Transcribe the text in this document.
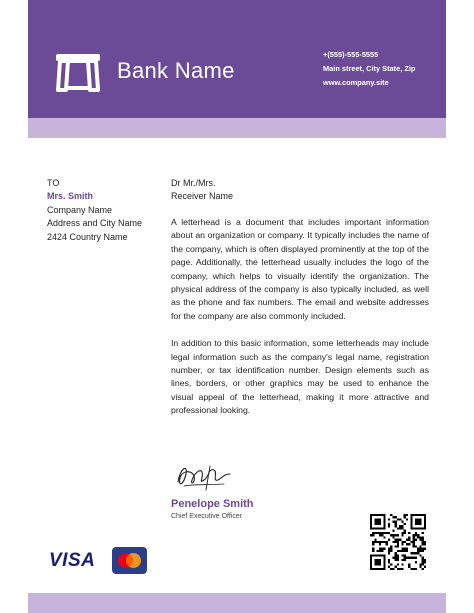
Bank Name
+(555)-555-5555
Main street, City State, Zip
www.company.site
TO
Mrs. Smith
Company Name
Address and City Name
2424 Country Name
Dr Mr./Mrs.
Receiver Name

A letterhead is a document that includes important information about an organization or company. It typically includes the name of the company, which is often displayed prominently at the top of the page. Additionally, the letterhead usually includes the logo of the company, which helps to visually identify the organization. The physical address of the company is also typically included, as well as the phone and fax numbers. The email and website addresses for the company are also commonly included.

In addition to this basic information, some letterheads may include legal information such as the company's legal name, registration number, or tax identification number. Design elements such as lines, borders, or other graphics may be used to enhance the visual appeal of the letterhead, making it more attractive and professional looking.

Penelope Smith
Chief Executive Officer
VISA
